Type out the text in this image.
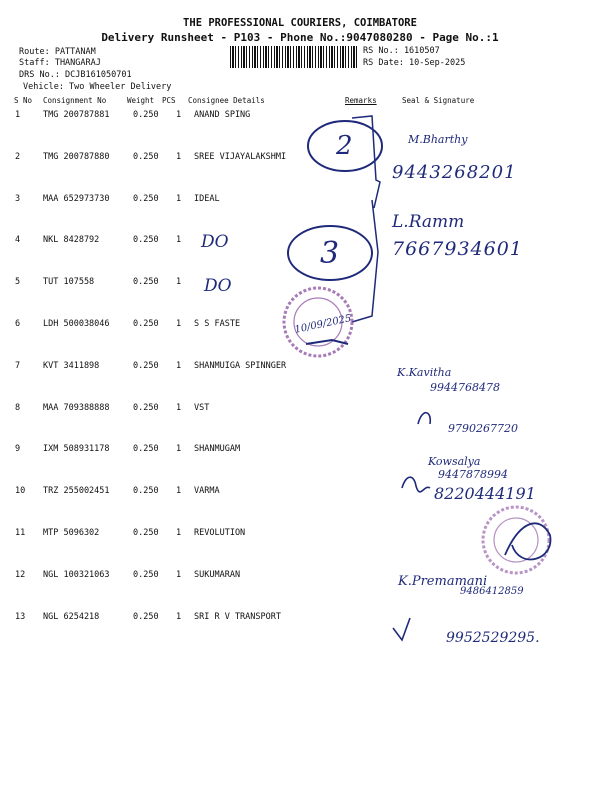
THE PROFESSIONAL COURIERS, COIMBATORE
Delivery Runsheet - P103 - Phone No.:9047080280 - Page No.:1
Route: PATTANAM
Staff: THANGARAJ
DRS No.: DCJB161050701
Vehicle: Two Wheeler Delivery
RS No.: 1610507
RS Date: 10-Sep-2025
S No Consignment No	Weight PCS Consignee Details	Remarks	Seal & Signature
1	TMG 200787881	0.250 1 ANAND SPING
2	TMG 200787880	0.250 1 SREE VIJAYALAKSHMI
3	MAA 652973730	0.250 1 IDEAL
4	NKL 8428792	0.250 1
5	TUT 107558	0.250 1
6	LDH 500038046	0.250 1 S S FASTE
7	KVT 3411898	0.250 1 SHANMUIGA SPINNGER
8	MAA 709388888	0.250 1 VST
9	IXM 508931178	0.250 1 SHANMUGAM
10 TRZ 255002451	0.250 1 VARMA
11 MTP 5096302	0.250 1 REVOLUTION
12 NGL 100321063	0.250 1 SUKUMARAN
13 NGL 6254218	0.250 1 SRI R V TRANSPORT
2
3
10/09/2025
DO
DO
M.Bharthy
9443268201
L.Ramm
7667934601
K.Kavitha
9944768478
9790267720
Kowsalya
9447878994
8220444191
K.Premamani
9486412859
9952529295.
